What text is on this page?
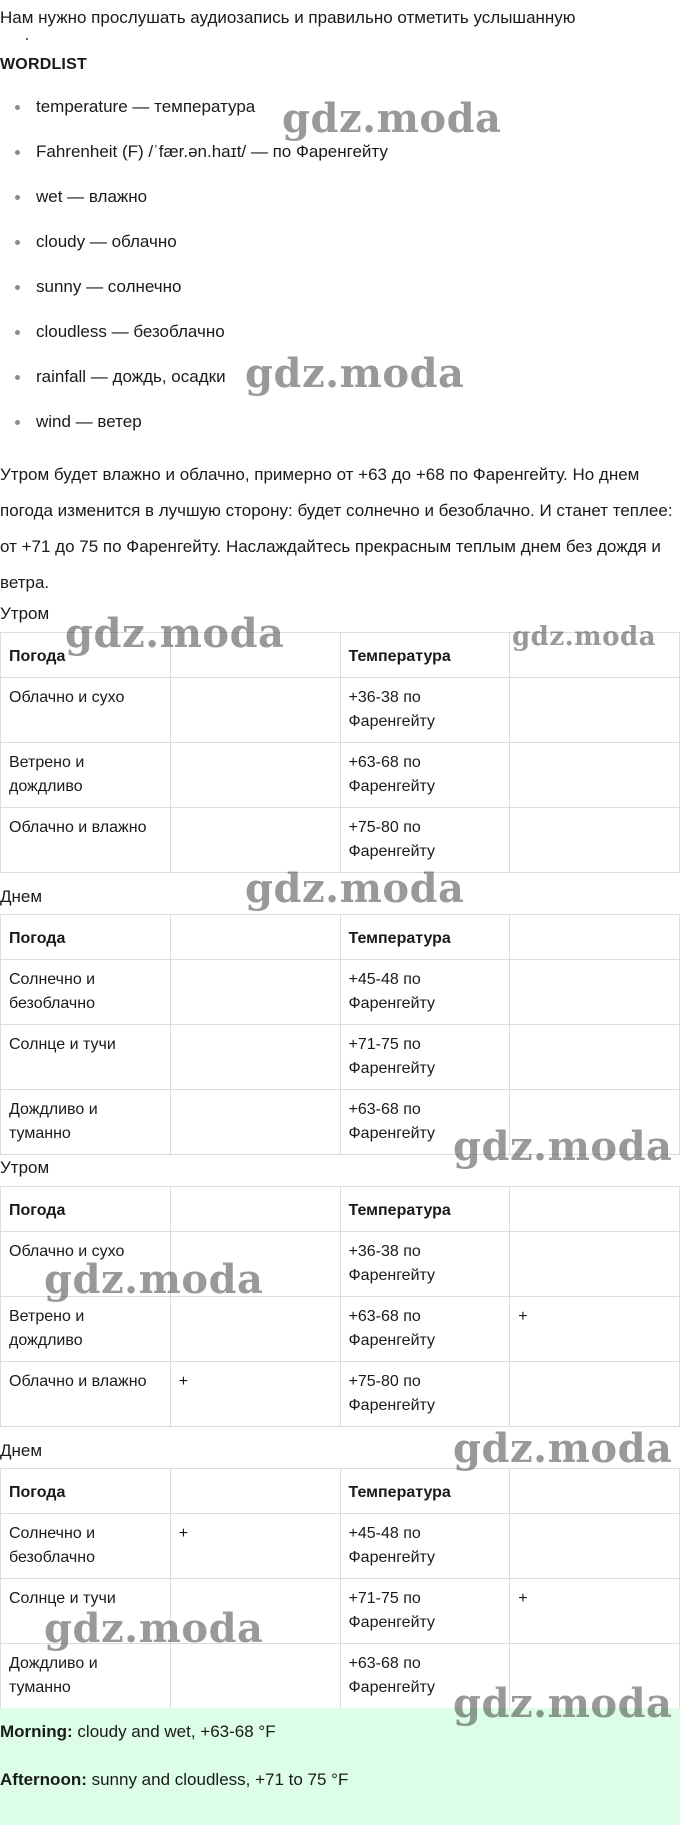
Нам нужно прослушать аудиозапись и правильно отметить услышанную
WORDLIST
temperature — температура
Fahrenheit (F) /ˈfær.ən.haɪt/ — по Фаренгейту
wet — влажно
cloudy — облачно
sunny — солнечно
cloudless — безоблачно
rainfall — дождь, осадки
wind — ветер
Утром будет влажно и облачно, примерно от +63 до +68 по Фаренгейту. Но днем погода изменится в лучшую сторону: будет солнечно и безоблачно. И станет теплее: от +71 до 75 по Фаренгейту. Наслаждайтесь прекрасным теплым днем без дождя и ветра.
Утром
Погода		Температура	
Облачно и сухо		+36-38 по Фаренгейту	
Ветрено и дождливо		+63-68 по Фаренгейту	
Облачно и влажно		+75-80 по Фаренгейту	
Днем
Погода		Температура	
Солнечно и безоблачно		+45-48 по Фаренгейту	
Солнце и тучи		+71-75 по Фаренгейту	
Дождливо и туманно		+63-68 по Фаренгейту	
Утром
Погода		Температура	
Облачно и сухо		+36-38 по Фаренгейту	
Ветрено и дождливо		+63-68 по Фаренгейту	+
Облачно и влажно	+	+75-80 по Фаренгейту	
Днем
Погода		Температура	
Солнечно и безоблачно	+	+45-48 по Фаренгейту	
Солнце и тучи		+71-75 по Фаренгейту	+
Дождливо и туманно		+63-68 по Фаренгейту	
Morning: cloudy and wet, +63-68 °F
Afternoon: sunny and cloudless, +71 to 75 °F
gdz.moda
gdz.moda
gdz.moda	gdz.moda
gdz.moda
gdz.moda
gdz.moda
gdz.moda
gdz.moda
gdz.moda
